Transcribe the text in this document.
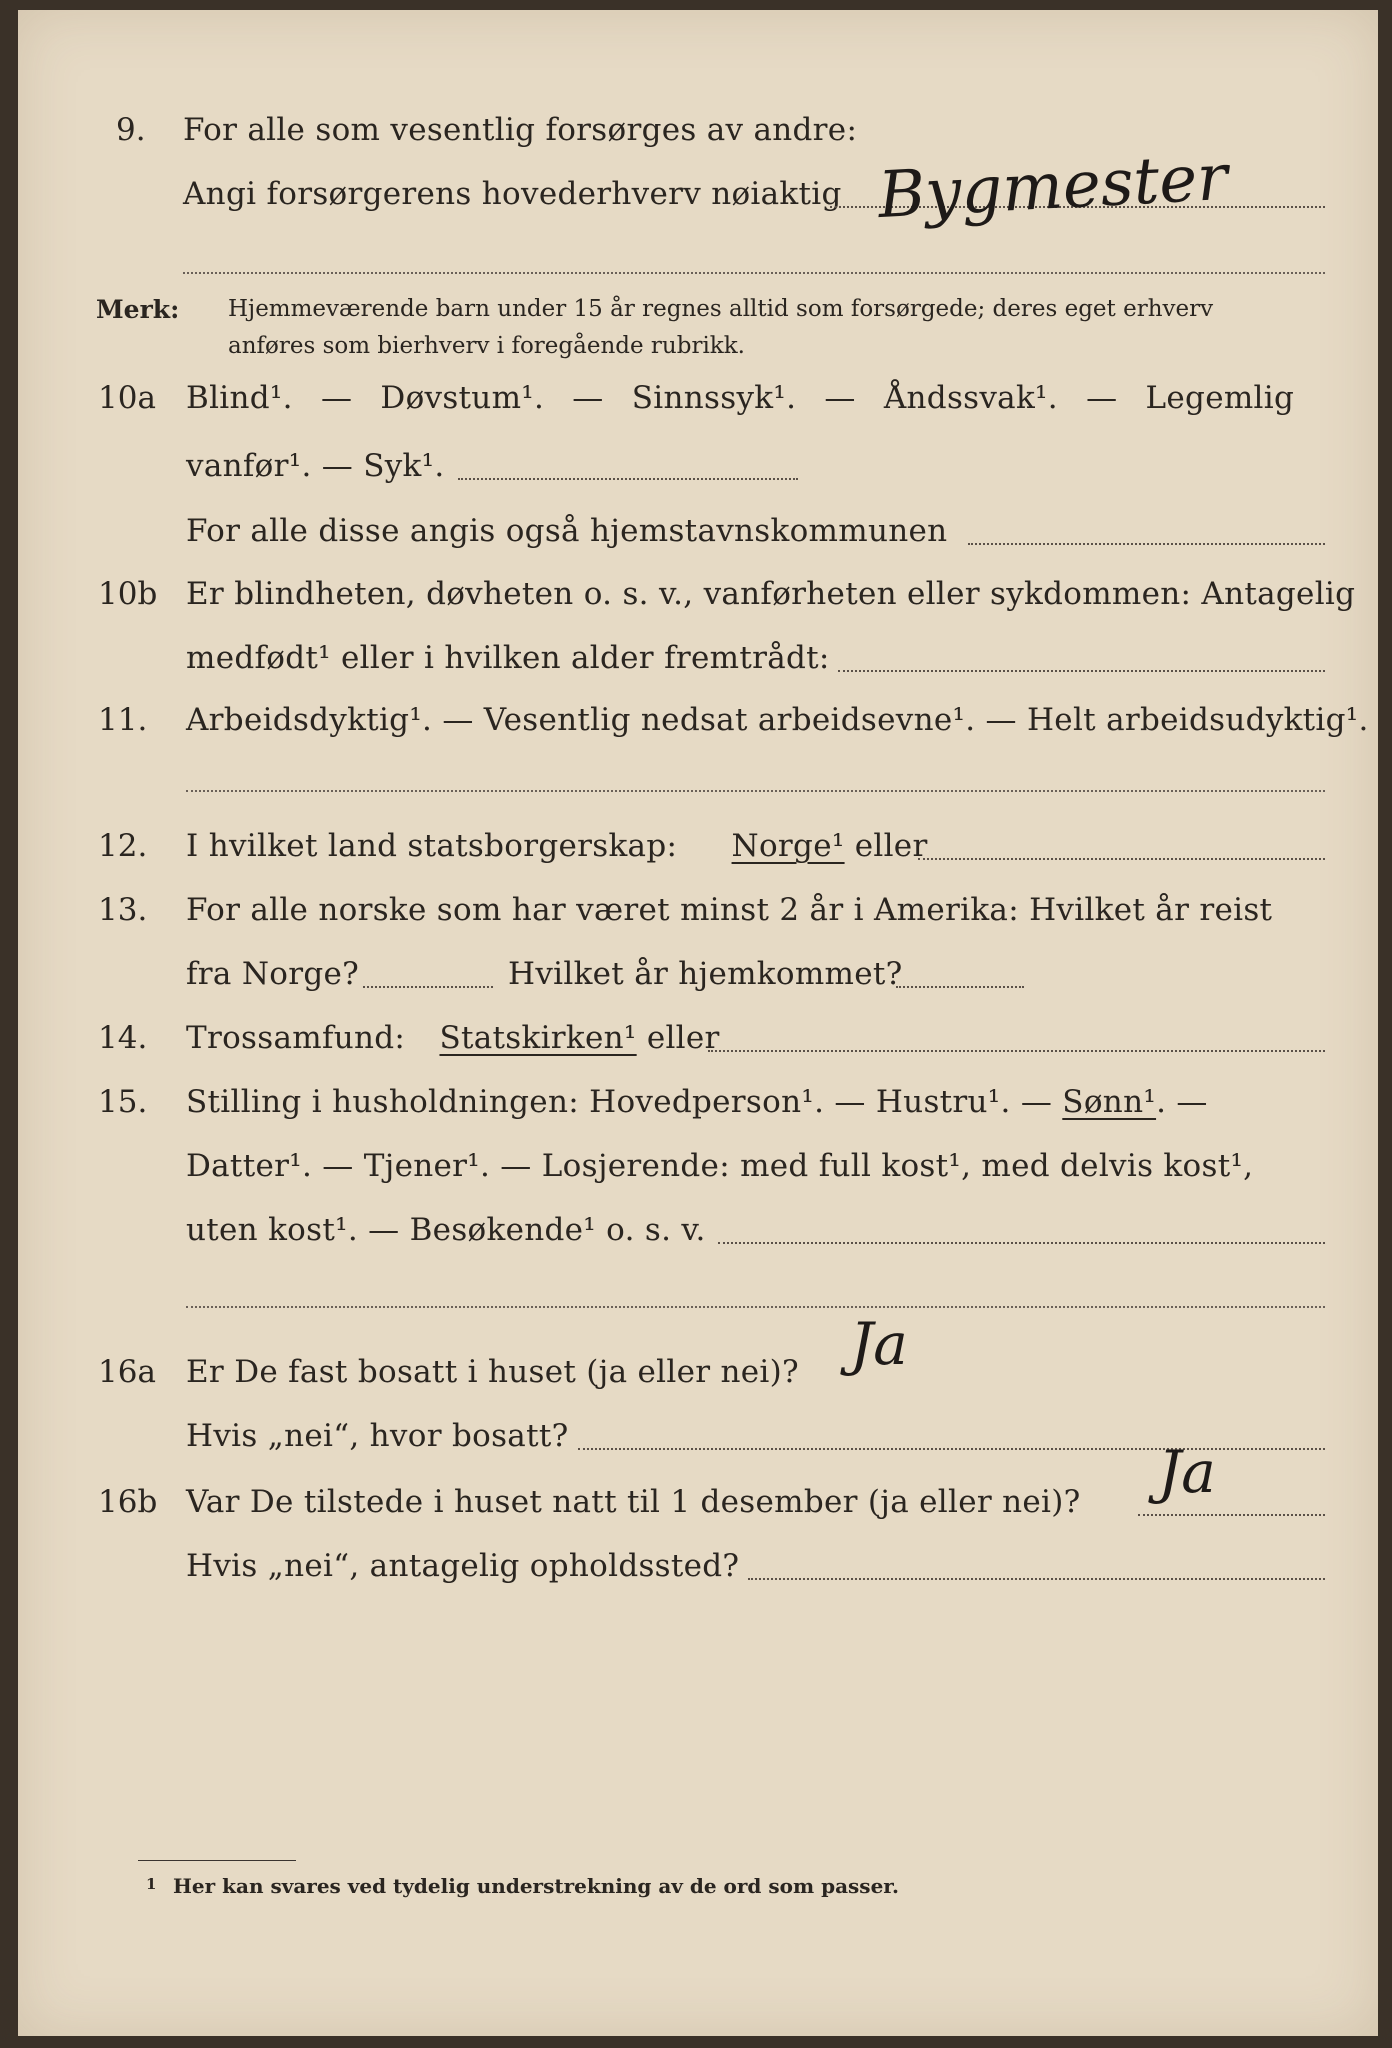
9. For alle som vesentlig forsørges av andre:
Angi forsørgerens hovederhverv nøiaktig Bygmester
Merk: Hjemmeværende barn under 15 år regnes alltid som forsørgede; deres eget erhverv
anføres som bierhverv i foregående rubrikk.
10a Blind¹. — Døvstum¹. — Sinnssyk¹. — Åndssvak¹. — Legemlig
vanfør¹. — Syk¹.
For alle disse angis også hjemstavnskommunen
10b Er blindheten, døvheten o. s. v., vanførheten eller sykdommen: Antagelig
medfødt¹ eller i hvilken alder fremtrådt:
11. Arbeidsdyktig¹. — Vesentlig nedsat arbeidsevne¹. — Helt arbeidsudyktig¹.
12. I hvilket land statsborgerskap: Norge¹ eller
13. For alle norske som har været minst 2 år i Amerika: Hvilket år reist
fra Norge?	Hvilket år hjemkommet?
14. Trossamfund: Statskirken¹ eller
15. Stilling i husholdningen: Hovedperson¹. — Hustru¹. — Sønn¹. —
Datter¹. — Tjener¹. — Losjerende: med full kost¹, med delvis kost¹,
uten kost¹. — Besøkende¹ o. s. v.
16a Er De fast bosatt i huset (ja eller nei)? Ja
Hvis „nei“, hvor bosatt?
16b Var De tilstede i huset natt til 1 desember (ja eller nei)? Ja
Hvis „nei“, antagelig opholdssted?
1 Her kan svares ved tydelig understrekning av de ord som passer.
